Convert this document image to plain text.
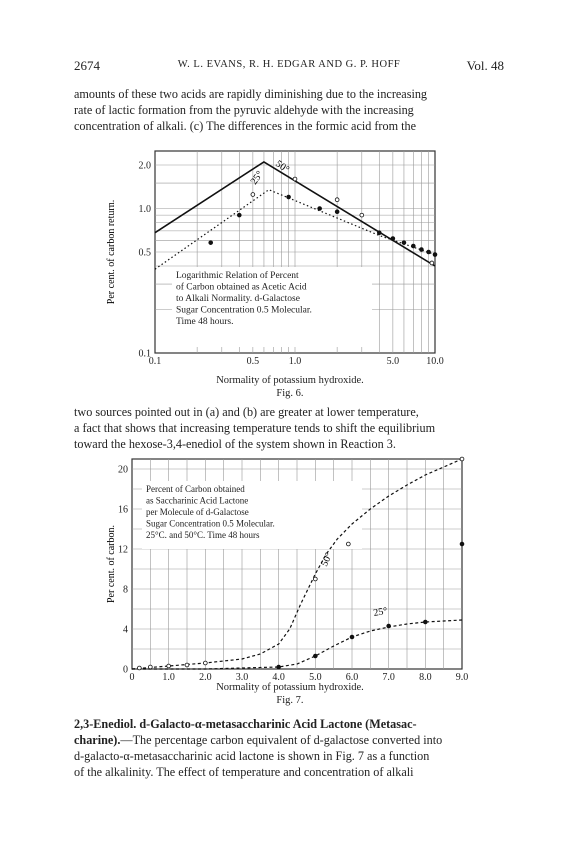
2674	W. L. EVANS, R. H. EDGAR AND G. P. HOFF	Vol. 48

amounts of these two acids are rapidly diminishing due to the increasing

rate of lactic formation from the pyruvic aldehyde with the increasing

concentration of alkali. (c) The differences in the formic acid from the

Logarithmic Relation of Percent
of Carbon obtained as Acetic Acid
to Alkali Normality. d-Galactose
Sugar Concentration 0.5 Molecular.
Time 48 hours.
0.1	0.5	1.0	5.0	10.0
0.1
0.5
1.0
2.0
Per cent. of carbon return.
50°
25°
Normality of potassium hydroxide.
Fig. 6.

two sources pointed out in (a) and (b) are greater at lower temperature,

a fact that shows that increasing temperature tends to shift the equilibrium

toward the hexose-3,4-enediol of the system shown in Reaction 3.

Percent of Carbon obtained
as Saccharinic Acid Lactone
per Molecule of d-Galactose
Sugar Concentration 0.5 Molecular.
25°C. and 50°C. Time 48 hours
0	1.0 2.0 3.0 4.0 5.0 6.0 7.0 8.0 9.0
0
4
8
12
16
20
Per cent. of carbon.	50°
25°
Normality of potassium hydroxide.
Fig. 7.

2,3-Enediol. d-Galacto-α-metasaccharinic Acid Lactone (Metasac-

charine).—The percentage carbon equivalent of d-galactose converted into

d-galacto-α-metasaccharinic acid lactone is shown in Fig. 7 as a function

of the alkalinity. The effect of temperature and concentration of alkali
